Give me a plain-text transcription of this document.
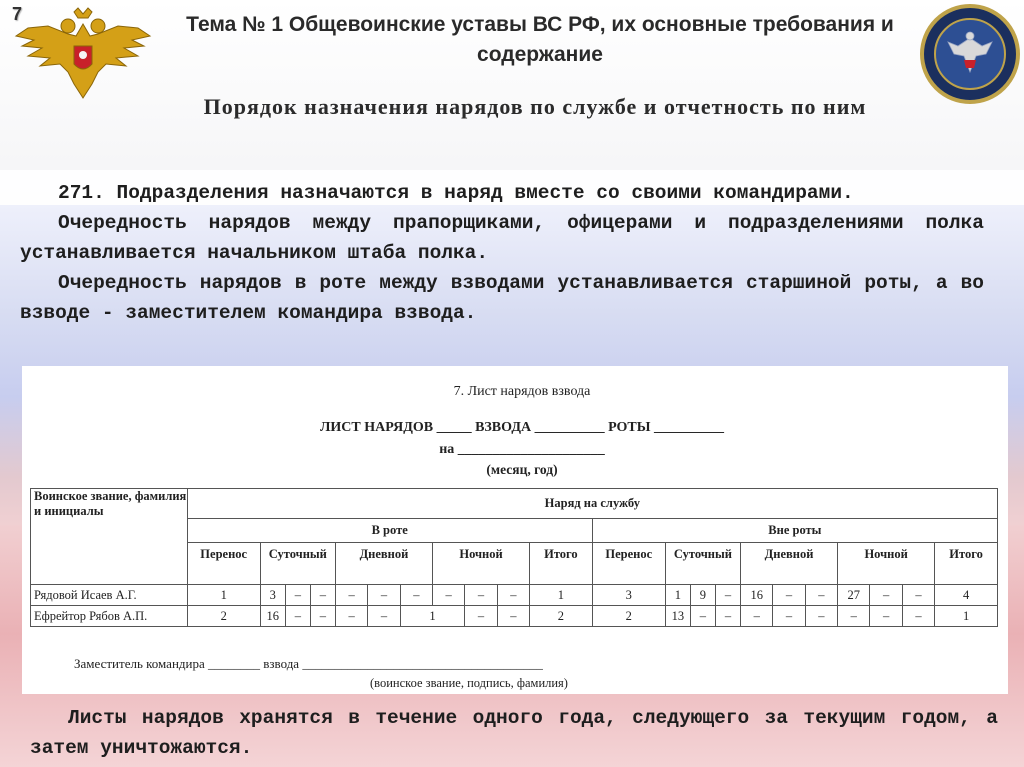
7	Тема № 1 Общевоинские уставы ВС РФ, их основные требования и содержание
Порядок назначения нарядов по службе и отчетность по ним

271. Подразделения назначаются в наряд вместе со своими командирами.

Очередность нарядов между прапорщиками, офицерами и подразделениями полка устанавливается начальником штаба полка.

Очередность нарядов в роте между взводами устанавливается старшиной роты, а во взводе - заместителем командира взвода.

7. Лист нарядов взвода
ЛИСТ НАРЯДОВ _____ ВЗВОДА __________ РОТЫ __________
на _____________________
(месяц, год)
Воинское звание, фамилия и инициалы	Наряд на службу																					
	В роте											Вне роты										
	Перенос	Суточный			Дневной			Ночной			Итого	Перенос	Суточный			Дневной			Ночной			Итого
Рядовой Исаев А.Г.	1	3	–	–	–	–	–	–	–	–	1	3	1	9	–	16	–	–	27	–	–	4
Ефрейтор Рябов А.П.	2	16	–	–	–	–	1		–	–	2	2	13	–	–	–	–	–	–	–	–	1
Заместитель командира ________ взвода _____________________________________
(воинское звание, подпись, фамилия)

Листы нарядов хранятся в течение одного года, следующего за текущим годом, а затем уничтожаются.
